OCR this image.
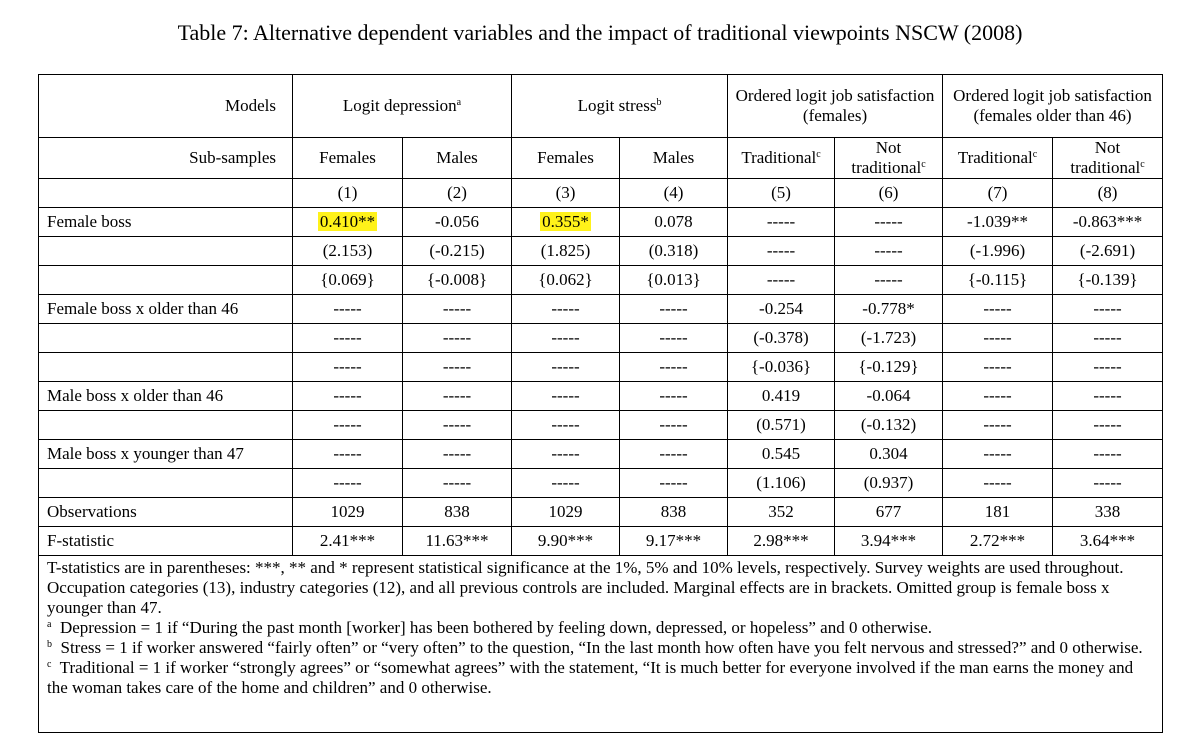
Table 7: Alternative dependent variables and the impact of traditional viewpoints NSCW (2008)
Models	Logit depression$^a$		Logit stress$^b$		Ordered logit job satisfaction (females)		Ordered logit job satisfaction (females older than 46)	
Sub-samples	Females	Males	Females	Males	Traditional$^c$	Not traditional$^c$	Traditional$^c$	Not traditional$^c$
	(1)	(2)	(3)	(4)	(5)	(6)	(7)	(8)
Female boss	0.410**	-0.056	0.355*	0.078	-----	-----	-1.039**	-0.863***
	(2.153)	(-0.215)	(1.825)	(0.318)	-----	-----	(-1.996)	(-2.691)
	{0.069}	{-0.008}	{0.062}	{0.013}	-----	-----	{-0.115}	{-0.139}
Female boss x older than 46	-----	-----	-----	-----	-0.254	-0.778*	-----	-----
	-----	-----	-----	-----	(-0.378)	(-1.723)	-----	-----
	-----	-----	-----	-----	{-0.036}	{-0.129}	-----	-----
Male boss x older than 46	-----	-----	-----	-----	0.419	-0.064	-----	-----
	-----	-----	-----	-----	(0.571)	(-0.132)	-----	-----
Male boss x younger than 47	-----	-----	-----	-----	0.545	0.304	-----	-----
	-----	-----	-----	-----	(1.106)	(0.937)	-----	-----
Observations	1029	838	1029	838	352	677	181	338
F-statistic	2.41***	11.63***	9.90***	9.17***	2.98***	3.94***	2.72***	3.64***

T-statistics are in parentheses: ***, ** and * represent statistical significance at the 1%, 5% and 10% levels, respectively. Survey weights are used throughout. Occupation categories (13), industry categories (12), and all previous controls are included. Marginal effects are in brackets. Omitted group is female boss x younger than 47.
$^a$ Depression = 1 if “During the past month [worker] has been bothered by feeling down, depressed, or hopeless” and 0 otherwise.
$^b$ Stress = 1 if worker answered “fairly often” or “very often” to the question, “In the last month how often have you felt nervous and stressed?” and 0 otherwise.
$^c$ Traditional = 1 if worker “strongly agrees” or “somewhat agrees” with the statement, “It is much better for everyone involved if the man earns the money and the woman takes care of the home and children” and 0 otherwise.								
